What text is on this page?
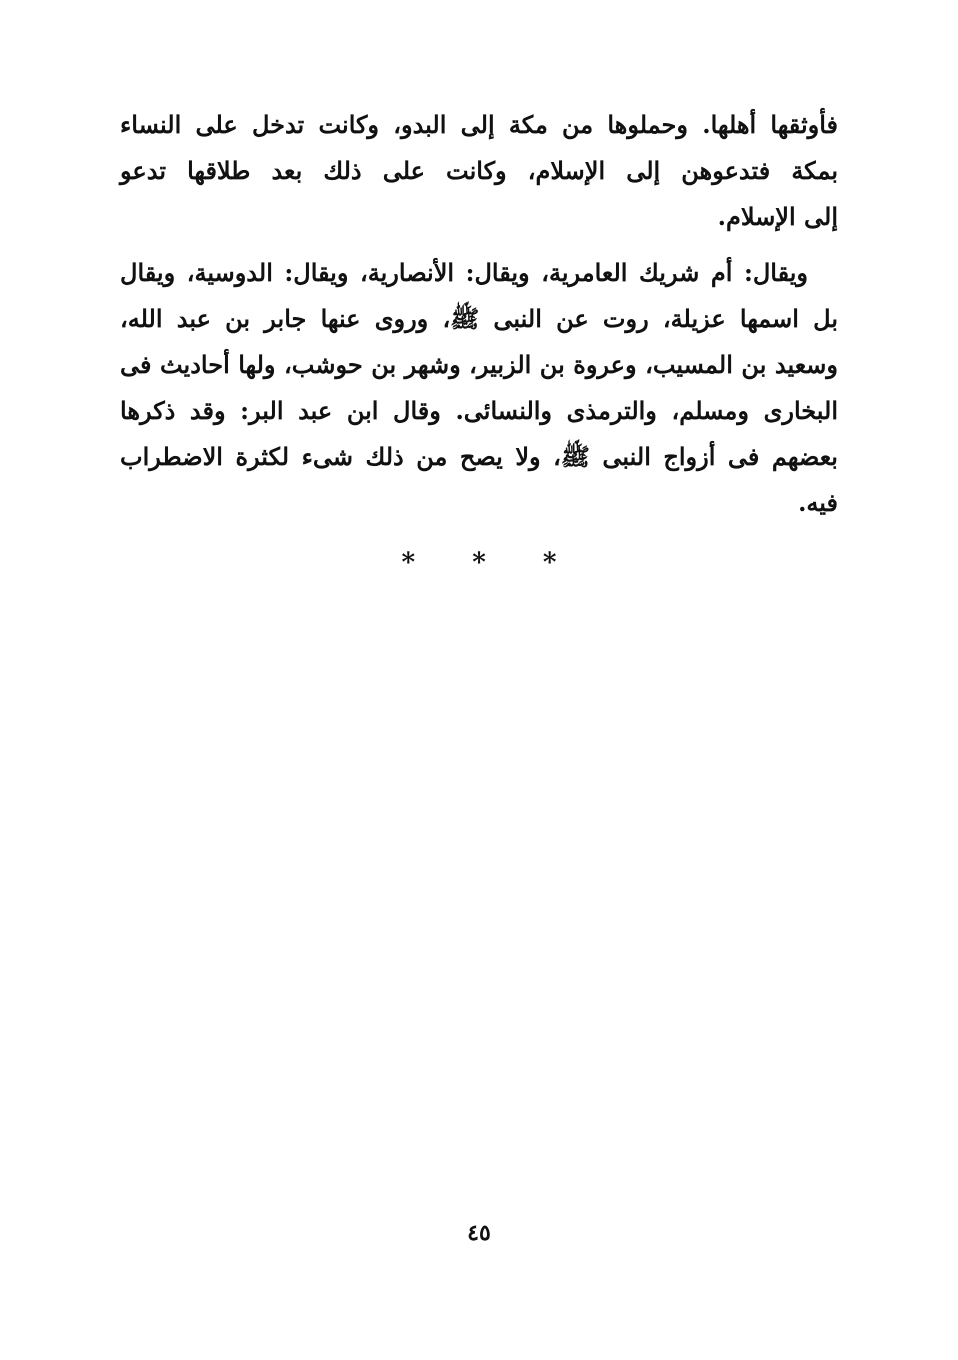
فأوثقها أهلها. وحملوها من مكة إلى البدو، وكانت تدخل على النساء
بمكة فتدعوهن إلى الإسلام، وكانت على ذلك بعد طلاقها تدعو
إلى الإسلام.
ويقال: أم شريك العامرية، ويقال: الأنصارية، ويقال: الدوسية، ويقال
بل اسمها عزيلة، روت عن النبى ﷺ، وروى عنها جابر بن عبد الله،
وسعيد بن المسيب، وعروة بن الزبير، وشهر بن حوشب، ولها أحاديث فى
البخارى ومسلم، والترمذى والنسائى. وقال ابن عبد البر: وقد ذكرها
بعضهم فى أزواج النبى ﷺ، ولا يصح من ذلك شىء لكثرة الاضطراب
فيه.
* * *
٤٥
